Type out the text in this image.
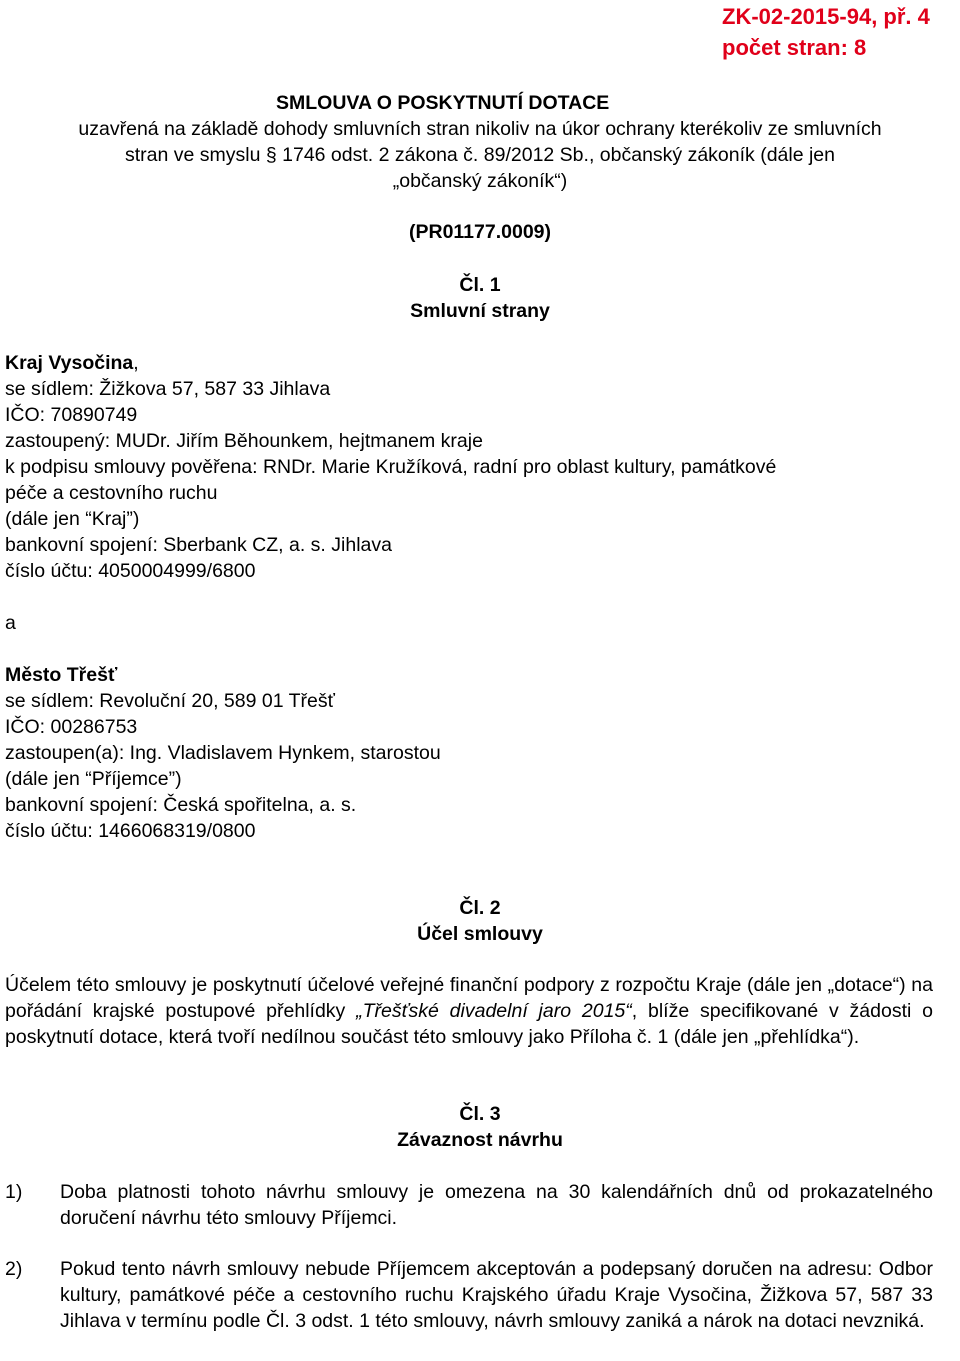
ZK-02-2015-94, př. 4
počet stran: 8
SMLOUVA O POSKYTNUTÍ DOTACE
uzavřená na základě dohody smluvních stran nikoliv na úkor ochrany kterékoliv ze smluvních
stran ve smyslu § 1746 odst. 2 zákona č. 89/2012 Sb., občanský zákoník (dále jen
„občanský zákoník“)
(PR01177.0009)
Čl. 1
Smluvní strany
Kraj Vysočina,
se sídlem: Žižkova 57, 587 33 Jihlava
IČO: 70890749
zastoupený: MUDr. Jiřím Běhounkem, hejtmanem kraje
k podpisu smlouvy pověřena: RNDr. Marie Kružíková, radní pro oblast kultury, památkové
péče a cestovního ruchu
(dále jen “Kraj”)
bankovní spojení: Sberbank CZ, a. s. Jihlava
číslo účtu: 4050004999/6800
a
Město Třešť
se sídlem: Revoluční 20, 589 01 Třešť
IČO: 00286753
zastoupen(a): Ing. Vladislavem Hynkem, starostou
(dále jen “Příjemce”)
bankovní spojení: Česká spořitelna, a. s.
číslo účtu: 1466068319/0800
Čl. 2
Účel smlouvy
Účelem této smlouvy je poskytnutí účelové veřejné finanční podpory z rozpočtu Kraje (dále jen „dotace“) na pořádání krajské postupové přehlídky „Třešťské divadelní jaro 2015“, blíže specifikované v žádosti o poskytnutí dotace, která tvoří nedílnou součást této smlouvy jako Příloha č. 1 (dále jen „přehlídka“).
Čl. 3
Závaznost návrhu
1) Doba platnosti tohoto návrhu smlouvy je omezena na 30 kalendářních dnů od prokazatelného doručení návrhu této smlouvy Příjemci.
2) Pokud tento návrh smlouvy nebude Příjemcem akceptován a podepsaný doručen na adresu: Odbor kultury, památkové péče a cestovního ruchu Krajského úřadu Kraje Vysočina, Žižkova 57, 587 33 Jihlava v termínu podle Čl. 3 odst. 1 této smlouvy, návrh smlouvy zaniká a nárok na dotaci nevzniká.
